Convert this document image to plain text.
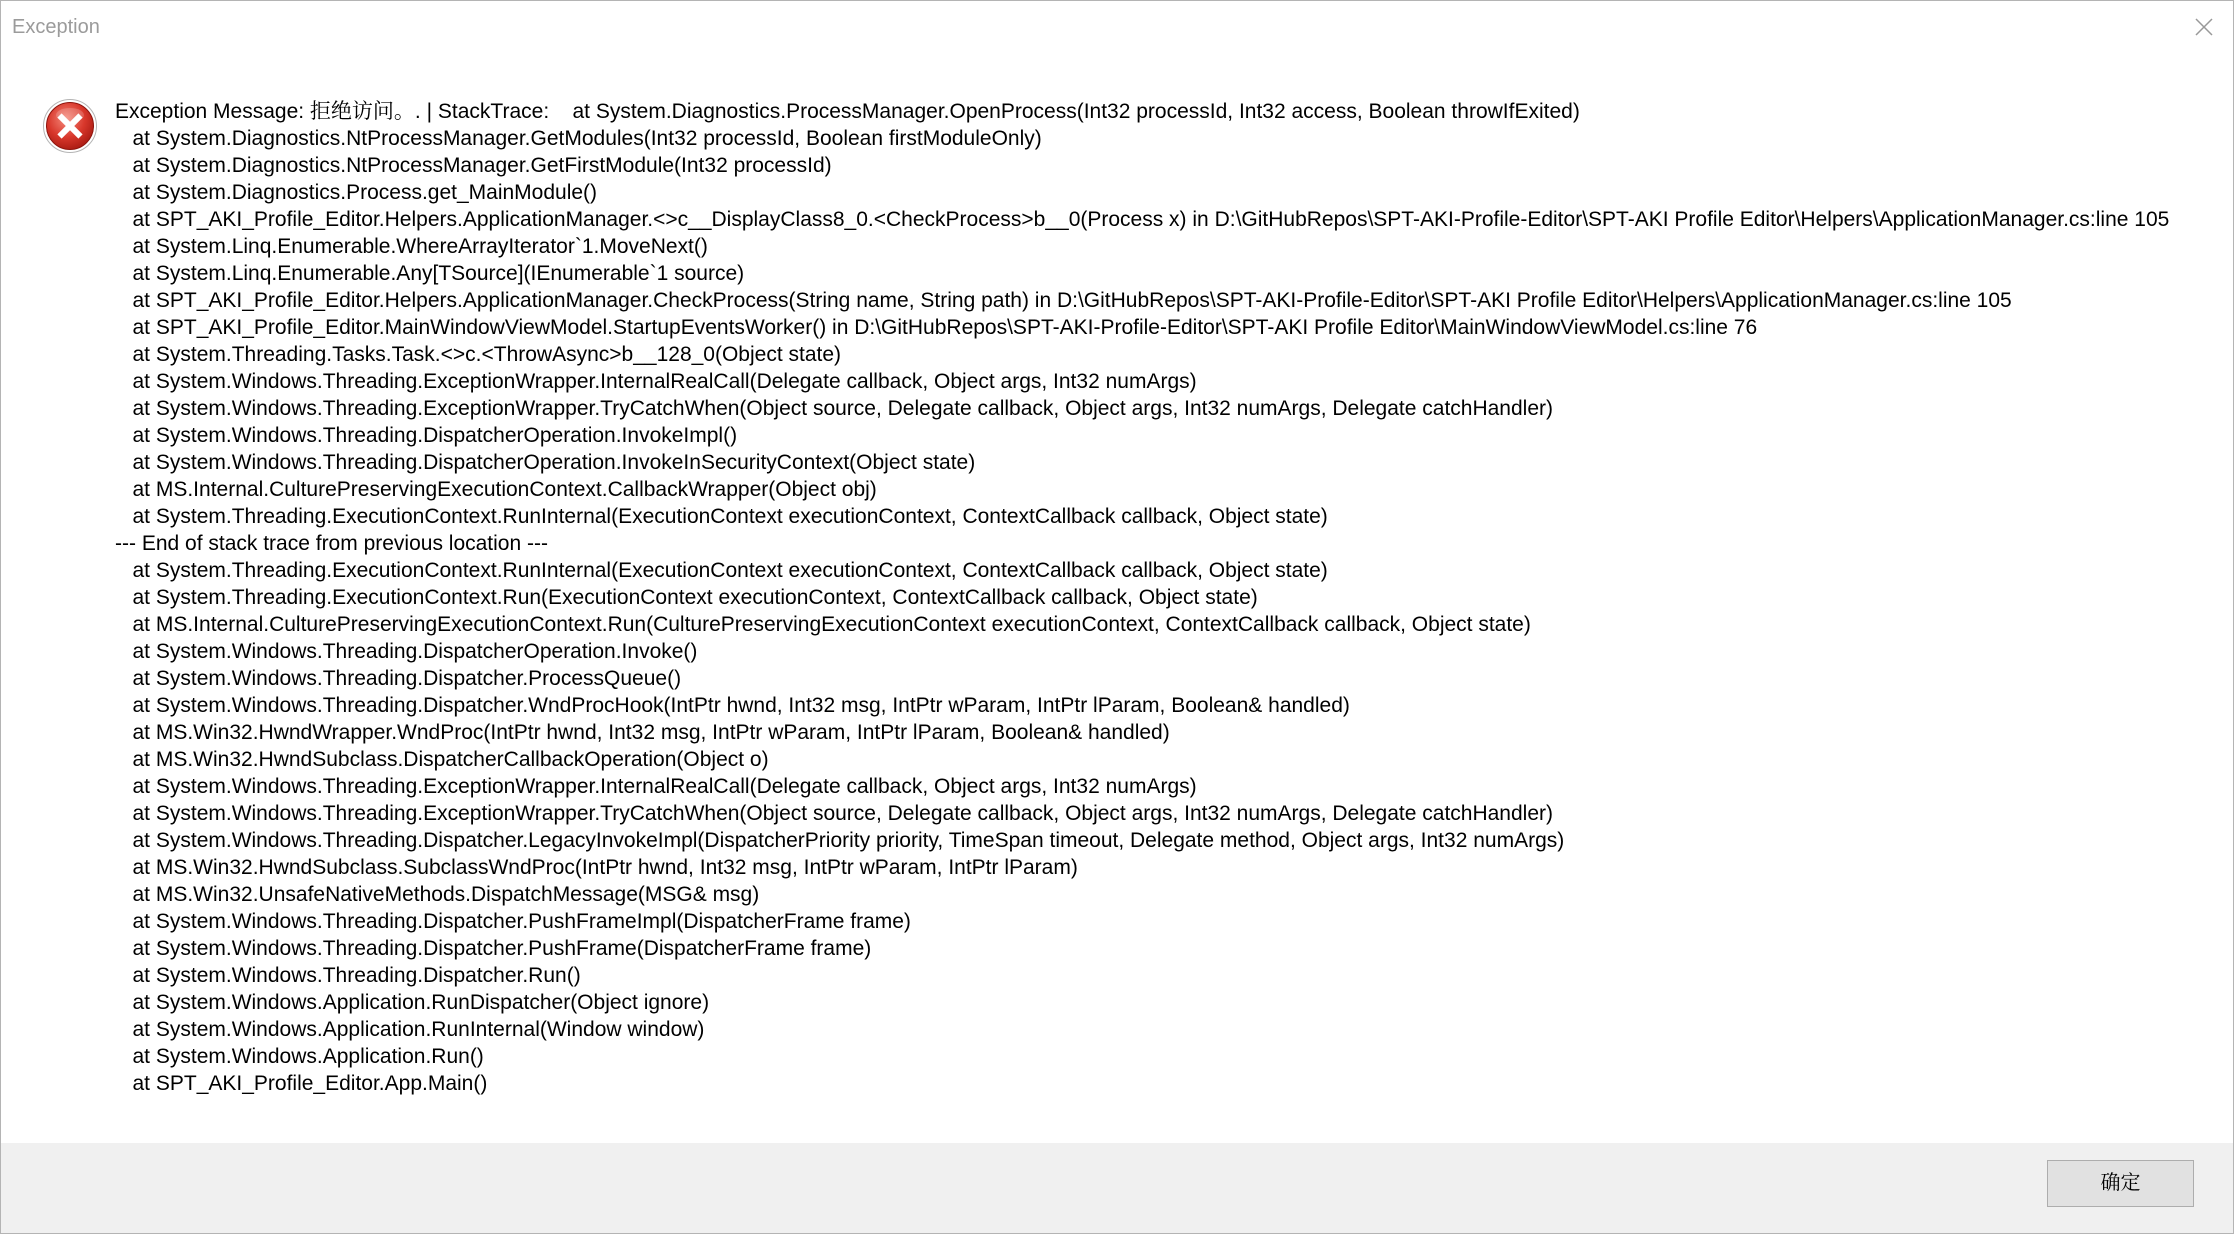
Exception
Exception Message: 拒绝访问。. | StackTrace:    at System.Diagnostics.ProcessManager.OpenProcess(Int32 processId, Int32 access, Boolean throwIfExited)
at System.Diagnostics.NtProcessManager.GetModules(Int32 processId, Boolean firstModuleOnly)
at System.Diagnostics.NtProcessManager.GetFirstModule(Int32 processId)
at System.Diagnostics.Process.get_MainModule()
at SPT_AKI_Profile_Editor.Helpers.ApplicationManager.<>c__DisplayClass8_0.<CheckProcess>b__0(Process x) in D:\GitHubRepos\SPT-AKI-Profile-Editor\SPT-AKI Profile Editor\Helpers\ApplicationManager.cs:line 105
at System.Linq.Enumerable.WhereArrayIterator`1.MoveNext()
at System.Linq.Enumerable.Any[TSource](IEnumerable`1 source)
at SPT_AKI_Profile_Editor.Helpers.ApplicationManager.CheckProcess(String name, String path) in D:\GitHubRepos\SPT-AKI-Profile-Editor\SPT-AKI Profile Editor\Helpers\ApplicationManager.cs:line 105
at SPT_AKI_Profile_Editor.MainWindowViewModel.StartupEventsWorker() in D:\GitHubRepos\SPT-AKI-Profile-Editor\SPT-AKI Profile Editor\MainWindowViewModel.cs:line 76
at System.Threading.Tasks.Task.<>c.<ThrowAsync>b__128_0(Object state)
at System.Windows.Threading.ExceptionWrapper.InternalRealCall(Delegate callback, Object args, Int32 numArgs)
at System.Windows.Threading.ExceptionWrapper.TryCatchWhen(Object source, Delegate callback, Object args, Int32 numArgs, Delegate catchHandler)
at System.Windows.Threading.DispatcherOperation.InvokeImpl()
at System.Windows.Threading.DispatcherOperation.InvokeInSecurityContext(Object state)
at MS.Internal.CulturePreservingExecutionContext.CallbackWrapper(Object obj)
at System.Threading.ExecutionContext.RunInternal(ExecutionContext executionContext, ContextCallback callback, Object state)
--- End of stack trace from previous location ---
at System.Threading.ExecutionContext.RunInternal(ExecutionContext executionContext, ContextCallback callback, Object state)
at System.Threading.ExecutionContext.Run(ExecutionContext executionContext, ContextCallback callback, Object state)
at MS.Internal.CulturePreservingExecutionContext.Run(CulturePreservingExecutionContext executionContext, ContextCallback callback, Object state)
at System.Windows.Threading.DispatcherOperation.Invoke()
at System.Windows.Threading.Dispatcher.ProcessQueue()
at System.Windows.Threading.Dispatcher.WndProcHook(IntPtr hwnd, Int32 msg, IntPtr wParam, IntPtr lParam, Boolean& handled)
at MS.Win32.HwndWrapper.WndProc(IntPtr hwnd, Int32 msg, IntPtr wParam, IntPtr lParam, Boolean& handled)
at MS.Win32.HwndSubclass.DispatcherCallbackOperation(Object o)
at System.Windows.Threading.ExceptionWrapper.InternalRealCall(Delegate callback, Object args, Int32 numArgs)
at System.Windows.Threading.ExceptionWrapper.TryCatchWhen(Object source, Delegate callback, Object args, Int32 numArgs, Delegate catchHandler)
at System.Windows.Threading.Dispatcher.LegacyInvokeImpl(DispatcherPriority priority, TimeSpan timeout, Delegate method, Object args, Int32 numArgs)
at MS.Win32.HwndSubclass.SubclassWndProc(IntPtr hwnd, Int32 msg, IntPtr wParam, IntPtr lParam)
at MS.Win32.UnsafeNativeMethods.DispatchMessage(MSG& msg)
at System.Windows.Threading.Dispatcher.PushFrameImpl(DispatcherFrame frame)
at System.Windows.Threading.Dispatcher.PushFrame(DispatcherFrame frame)
at System.Windows.Threading.Dispatcher.Run()
at System.Windows.Application.RunDispatcher(Object ignore)
at System.Windows.Application.RunInternal(Window window)
at System.Windows.Application.Run()
at SPT_AKI_Profile_Editor.App.Main()
确定
